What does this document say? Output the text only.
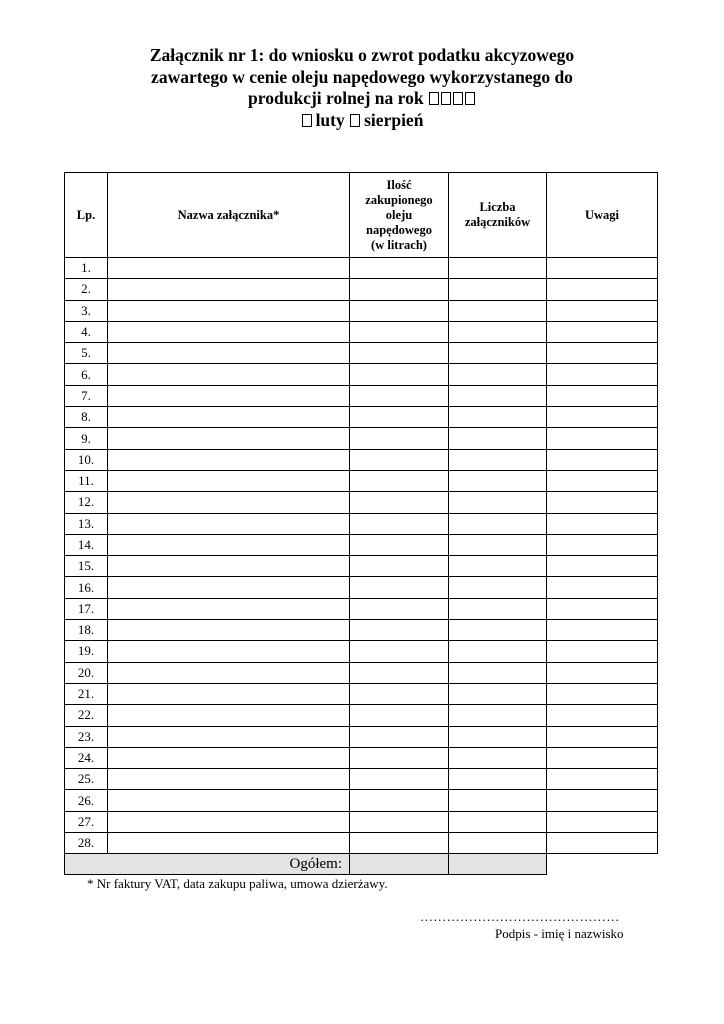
Załącznik nr 1: do wniosku o zwrot podatku akcyzowego
zawartego w cenie oleju napędowego wykorzystanego do
produkcji rolnej na rok
luty sierpień
Lp.	Nazwa załącznika*	Ilość
zakupionego
oleju
napędowego
(w litrach)	Liczba
załączników	Uwagi
1.				
2.				
3.				
4.				
5.				
6.				
7.				
8.				
9.				
10.				
11.				
12.				
13.				
14.				
15.				
16.				
17.				
18.				
19.				
20.				
21.				
22.				
23.				
24.				
25.				
26.				
27.				
28.				
Ogółem:				
* Nr faktury VAT, data zakupu paliwa, umowa dzierżawy.
………………………………………
Podpis - imię i nazwisko
